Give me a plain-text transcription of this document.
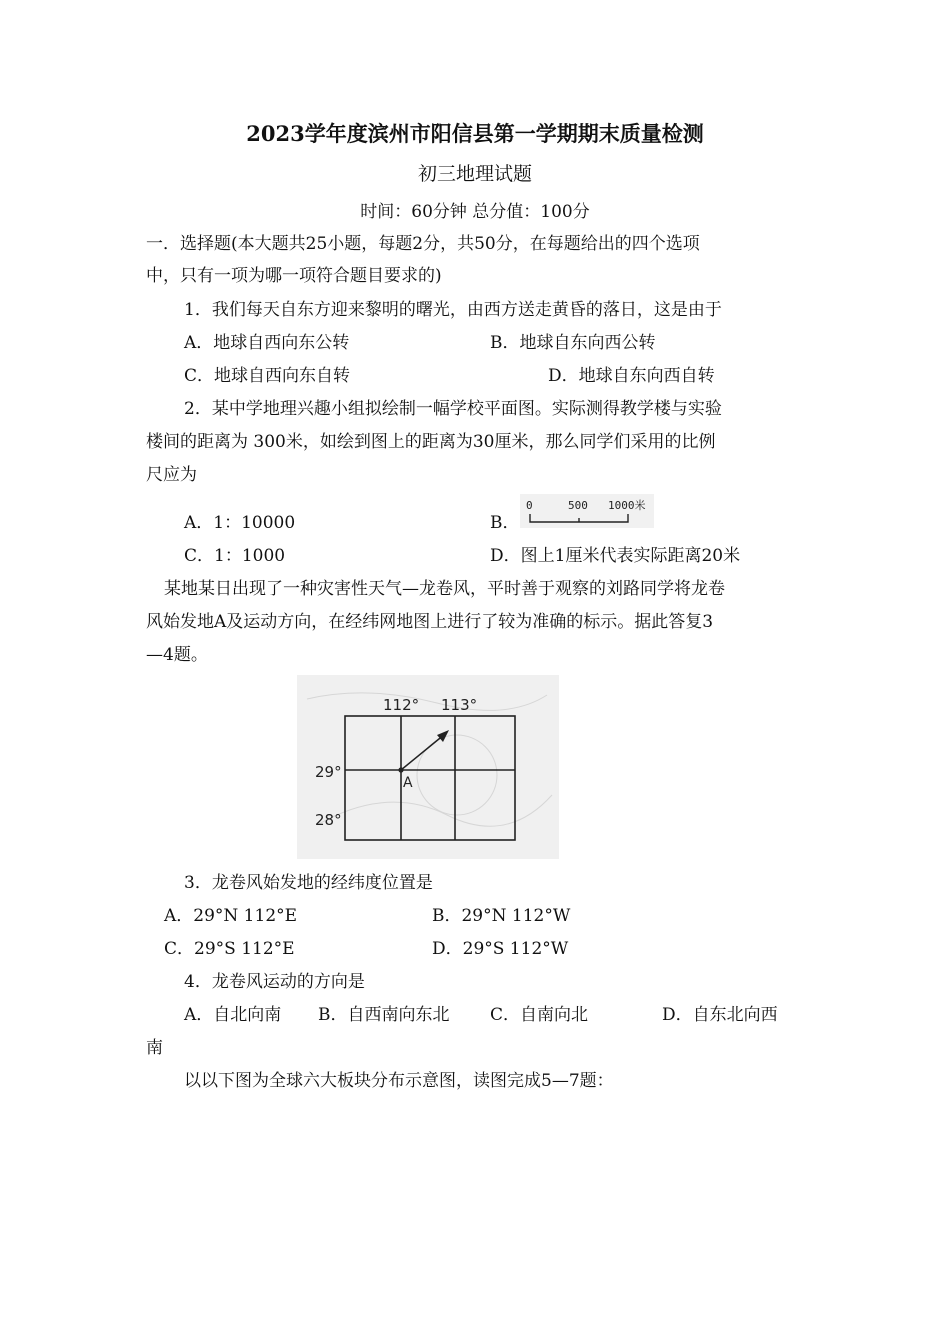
2023学年度滨州市阳信县第一学期期末质量检测
初三地理试题
时间：60分钟 总分值：100分
一．选择题(本大题共25小题，每题2分，共50分，在每题给出的四个选项
中，只有一项为哪一项符合题目要求的)
1．我们每天自东方迎来黎明的曙光，由西方送走黄昏的落日，这是由于
A．地球自西向东公转	B．地球自东向西公转
C．地球自西向东自转	D．地球自东向西自转
2．某中学地理兴趣小组拟绘制一幅学校平面图。实际测得教学楼与实验
楼间的距离为 300米，如绘到图上的距离为30厘米，那么同学们采用的比例
尺应为
A．1：10000	B．
0	500 1000米
C．1：1000	D．图上1厘米代表实际距离20米
某地某日出现了一种灾害性天气—龙卷风，平时善于观察的刘路同学将龙卷
风始发地A及运动方向，在经纬网地图上进行了较为准确的标示。据此答复3
—4题。
112° 113°
29°
28°
A
3．龙卷风始发地的经纬度位置是
A．29°N 112°E	B．29°N 112°W
C．29°S 112°E	D．29°S 112°W
4．龙卷风运动的方向是
A．自北向南 B．自西南向东北 C．自南向北	D．自东北向西
南
以以下图为全球六大板块分布示意图，读图完成5—7题：
